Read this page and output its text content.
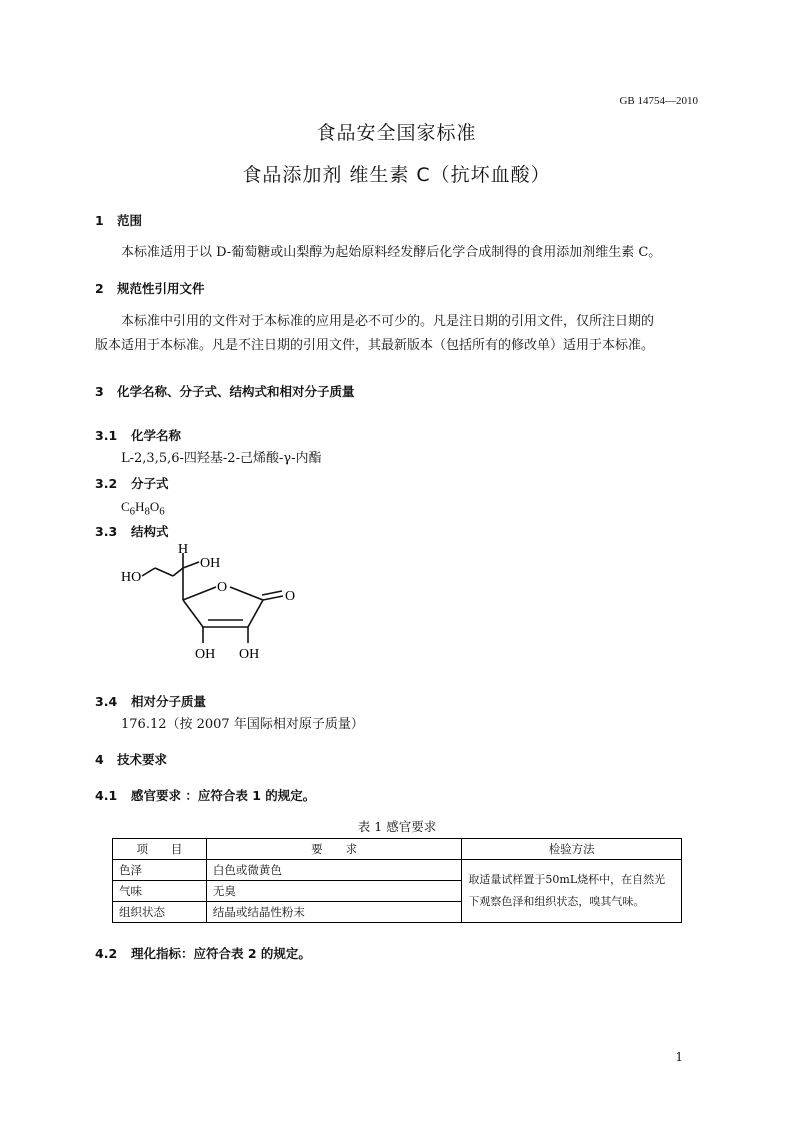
GB 14754—2010
食品安全国家标准
食品添加剂 维生素 C（抗坏血酸）
1 范围
本标准适用于以 D-葡萄糖或山梨醇为起始原料经发酵后化学合成制得的食用添加剂维生素 C。
2 规范性引用文件
本标准中引用的文件对于本标准的应用是必不可少的。凡是注日期的引用文件，仅所注日期的
版本适用于本标准。凡是不注日期的引用文件，其最新版本（包括所有的修改单）适用于本标准。
3 化学名称、分子式、结构式和相对分子质量
3.1 化学名称
L-2,3,5,6-四羟基-2-己烯酸-γ-内酯
3.2 分子式
$C_6H_8O_6$
3.3 结构式
H
OH
HO
O
O
OH OH
3.4 相对分子质量
176.12（按 2007 年国际相对原子质量）
4 技术要求
4.1 感官要求 ：应符合表 1 的规定。
表 1 感官要求
项　　目	要　　求	检验方法
色泽	白色或微黄色	取适量试样置于50mL烧杯中，在自然光
下观察色泽和组织状态，嗅其气味。

气味	无臭	
组织状态	结晶或结晶性粉末	
4.2 理化指标：应符合表 2 的规定。
1
